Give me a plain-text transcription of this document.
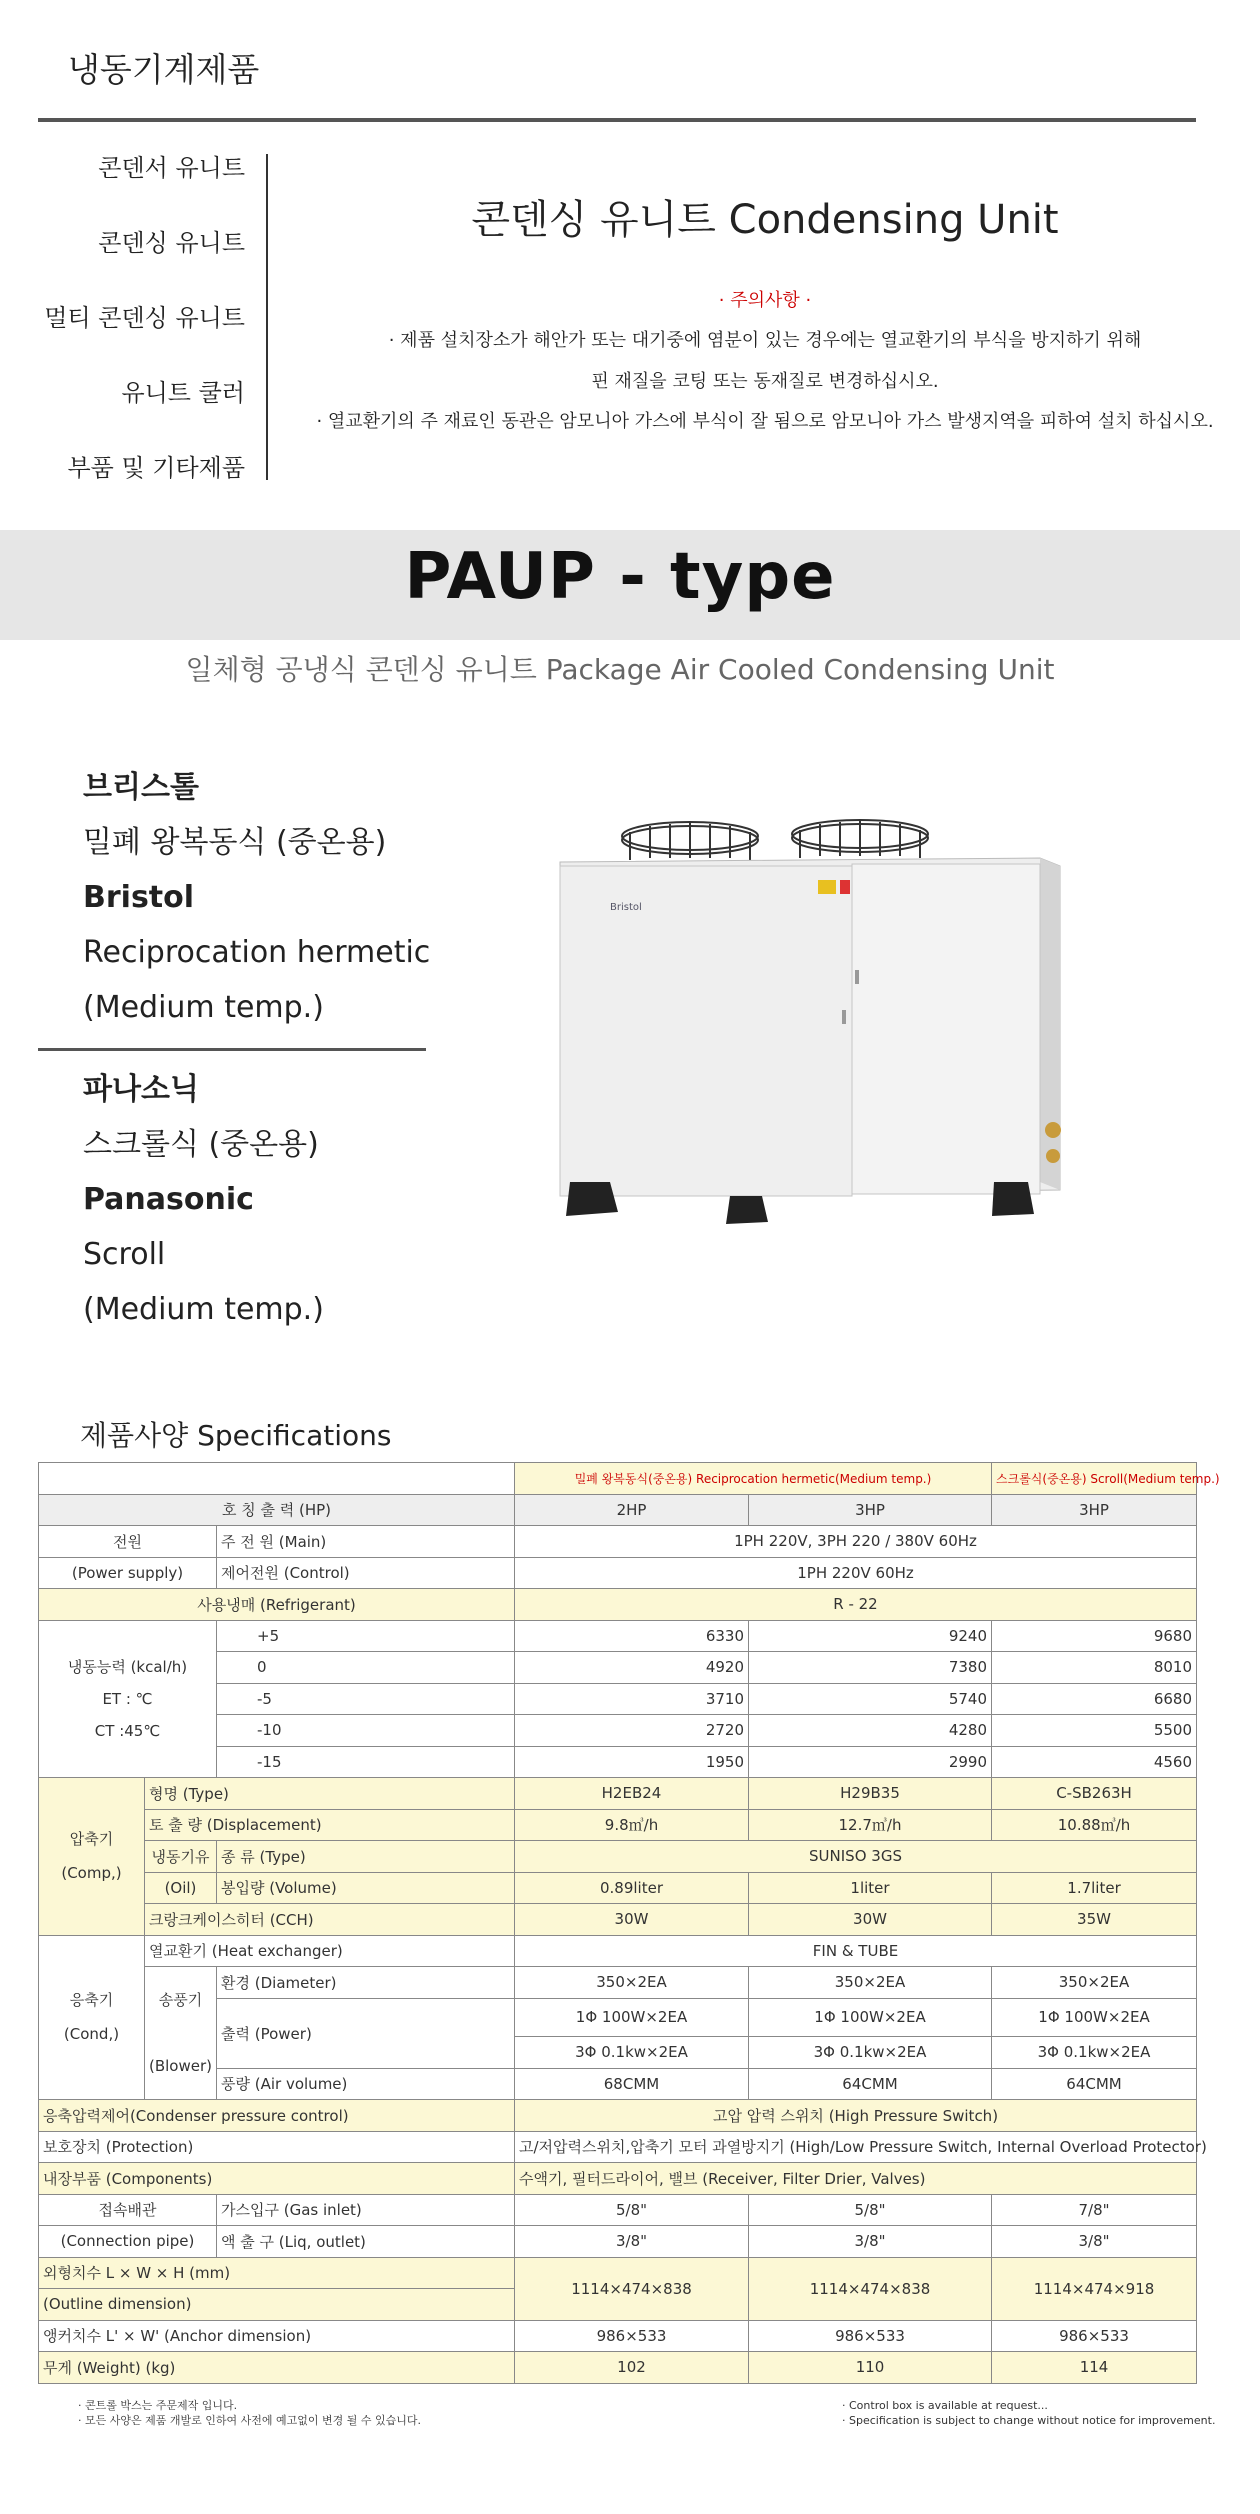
냉동기계제품
콘덴서 유니트
콘덴싱 유니트
멀티 콘덴싱 유니트
유니트 쿨러
부품 및 기타제품
콘덴싱 유니트 Condensing Unit
· 주의사항 ·
· 제품 설치장소가 해안가 또는 대기중에 염분이 있는 경우에는 열교환기의 부식을 방지하기 위해
핀 재질을 코팅 또는 동재질로 변경하십시오.
· 열교환기의 주 재료인 동관은 암모니아 가스에 부식이 잘 됨으로 암모니아 가스 발생지역을 피하여 설치 하십시오.
PAUP - type
일체형 공냉식 콘덴싱 유니트 Package Air Cooled Condensing Unit
브리스톨
밀폐 왕복동식 (중온용)
Bristol
Reciprocation hermetic
(Medium temp.)
파나소닉
스크롤식 (중온용)
Panasonic
Scroll
(Medium temp.)
Bristol
제품사양 Specifications
			밀폐 왕복동식(중온용) Reciprocation hermetic(Medium temp.)		스크롤식(중온용) Scroll(Medium temp.)
호 칭 출 력 (HP)			2HP	3HP	3HP
전원		주 전 원 (Main)	1PH 220V, 3PH 220 / 380V 60Hz		
(Power supply)		제어전원 (Control)	1PH 220V 60Hz		
사용냉매 (Refrigerant)			R - 22		

냉동능력 (kcal/h)
ET : ℃
CT :45℃		+5	6330	9240	9680
		0	4920	7380	8010
		-5	3710	5740	6680
		-10	2720	4280	5500
		-15	1950	2990	4560

압축기
(Comp,)	형명 (Type)		H2EB24	H29B35	C-SB263H
	토 출 량 (Displacement)		9.8㎥/h	12.7㎥/h	10.88㎥/h
	냉동기유	종 류 (Type)	SUNISO 3GS		
	(Oil)	봉입량 (Volume)	0.89liter	1liter	1.7liter
	크랑크케이스히터 (CCH)		30W	30W	35W

응축기
(Cond,)	열교환기 (Heat exchanger)		FIN & TUBE		

	송풍기
(Blower)	환경 (Diameter)	350×2EA	350×2EA	350×2EA
		출력 (Power)	1Φ 100W×2EA	1Φ 100W×2EA	1Φ 100W×2EA
			3Φ 0.1kw×2EA	3Φ 0.1kw×2EA	3Φ 0.1kw×2EA
		풍량 (Air volume)	68CMM	64CMM	64CMM
응축압력제어(Condenser pressure control)			고압 압력 스위치 (High Pressure Switch)		
보호장치 (Protection)			고/저압력스위치,압축기 모터 과열방지기 (High/Low Pressure Switch, Internal Overload Protector)		
내장부품 (Components)			수액기, 필터드라이어, 밸브 (Receiver, Filter Drier, Valves)		
접속배관		가스입구 (Gas inlet)	5/8"	5/8"	7/8"
(Connection pipe)		액 출 구 (Liq, outlet)	3/8"	3/8"	3/8"
외형치수 L × W × H (mm)			1114×474×838	1114×474×838	1114×474×918
(Outline dimension)					
앵커치수 L' × W' (Anchor dimension)			986×533	986×533	986×533
무게 (Weight) (kg)			102	110	114
· 콘트롤 박스는 주문제작 입니다.
· 모든 사양은 제품 개발로 인하여 사전에 예고없이 변경 될 수 있습니다.
· Control box is available at request...
· Specification is subject to change without notice for improvement.
